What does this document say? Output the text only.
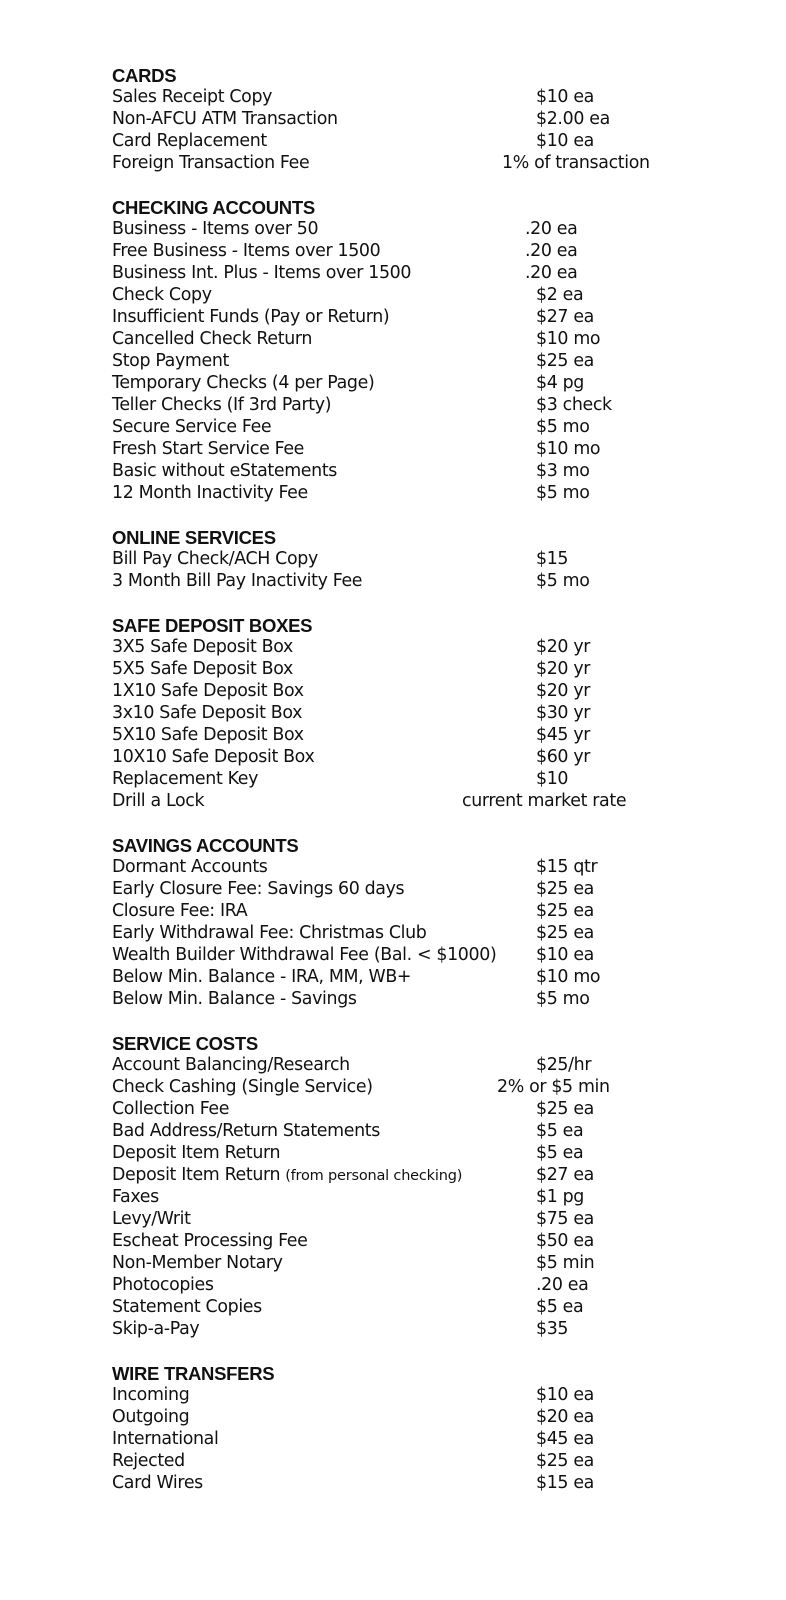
CARDS
Sales Receipt Copy	$10 ea
Non-AFCU ATM Transaction	$2.00 ea
Card Replacement	$10 ea
Foreign Transaction Fee	1% of transaction
CHECKING ACCOUNTS
Business - Items over 50	.20 ea
Free Business - Items over 1500	.20 ea
Business Int. Plus - Items over 1500	.20 ea
Check Copy	$2 ea
Insufficient Funds (Pay or Return)	$27 ea
Cancelled Check Return	$10 mo
Stop Payment	$25 ea
Temporary Checks (4 per Page)	$4 pg
Teller Checks (If 3rd Party)	$3 check
Secure Service Fee	$5 mo
Fresh Start Service Fee	$10 mo
Basic without eStatements	$3 mo
12 Month Inactivity Fee	$5 mo
ONLINE SERVICES
Bill Pay Check/ACH Copy	$15
3 Month Bill Pay Inactivity Fee	$5 mo
SAFE DEPOSIT BOXES
3X5 Safe Deposit Box	$20 yr
5X5 Safe Deposit Box	$20 yr
1X10 Safe Deposit Box	$20 yr
3x10 Safe Deposit Box	$30 yr
5X10 Safe Deposit Box	$45 yr
10X10 Safe Deposit Box	$60 yr
Replacement Key	$10
Drill a Lock	current market rate
SAVINGS ACCOUNTS
Dormant Accounts	$15 qtr
Early Closure Fee: Savings 60 days	$25 ea
Closure Fee: IRA	$25 ea
Early Withdrawal Fee: Christmas Club	$25 ea
Wealth Builder Withdrawal Fee (Bal. < $1000) $10 ea
Below Min. Balance - IRA, MM, WB+	$10 mo
Below Min. Balance - Savings	$5 mo
SERVICE COSTS
Account Balancing/Research	$25/hr
Check Cashing (Single Service)	2% or $5 min
Collection Fee	$25 ea
Bad Address/Return Statements	$5 ea
Deposit Item Return	$5 ea
Deposit Item Return (from personal checking)	$27 ea
Faxes	$1 pg
Levy/Writ	$75 ea
Escheat Processing Fee	$50 ea
Non-Member Notary	$5 min
Photocopies	.20 ea
Statement Copies	$5 ea
Skip-a-Pay	$35
WIRE TRANSFERS
Incoming	$10 ea
Outgoing	$20 ea
International	$45 ea
Rejected	$25 ea
Card Wires	$15 ea
